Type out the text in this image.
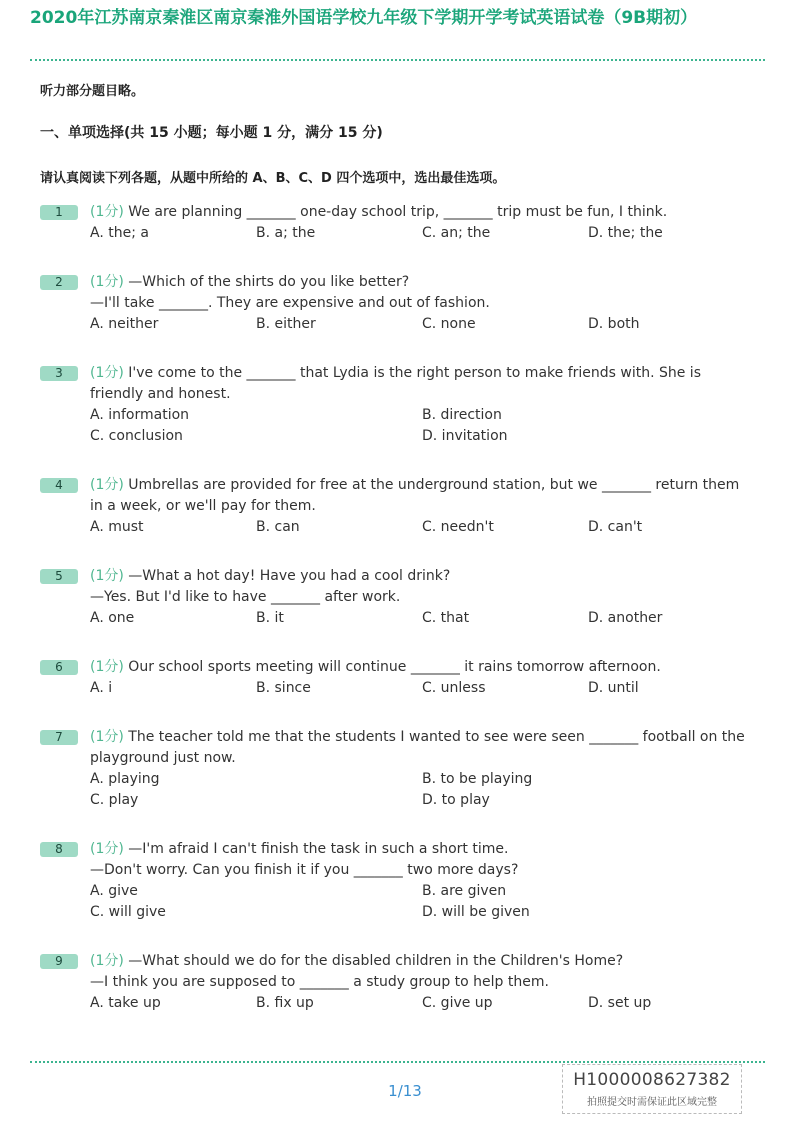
2020年江苏南京秦淮区南京秦淮外国语学校九年级下学期开学考试英语试卷（9B期初）
听力部分题目略。
一、单项选择(共 15 小题；每小题 1 分，满分 15 分)
请认真阅读下列各题，从题中所给的 A、B、C、D 四个选项中，选出最佳选项。
1	(1分) We are planning _______ one-day school trip, _______ trip must be fun, I think.
A. the; a	B. a; the	C. an; the	D. the; the
2	(1分) —Which of the shirts do you like better?
—I'll take _______. They are expensive and out of fashion.
A. neither	B. either	C. none	D. both
3	(1分) I've come to the _______ that Lydia is the right person to make friends with. She is friendly and honest.
A. information	B. direction
C. conclusion	D. invitation
4	(1分) Umbrellas are provided for free at the underground station, but we _______ return them in a week, or we'll pay for them.
A. must	B. can	C. needn't	D. can't
5	(1分) —What a hot day! Have you had a cool drink?
—Yes. But I'd like to have _______ after work.
A. one	B. it	C. that	D. another
6	(1分) Our school sports meeting will continue _______ it rains tomorrow afternoon.
A. i	B. since	C. unless	D. until
7	(1分) The teacher told me that the students I wanted to see were seen _______ football on the playground just now.
A. playing	B. to be playing
C. play	D. to play
8	(1分) —I'm afraid I can't finish the task in such a short time.
—Don't worry. Can you finish it if you _______ two more days?
A. give	B. are given
C. will give	D. will be given
9	(1分) —What should we do for the disabled children in the Children's Home?
—I think you are supposed to _______ a study group to help them.
A. take up	B. fix up	C. give up	D. set up
1/13
H1000008627382
拍照提交时需保证此区域完整
